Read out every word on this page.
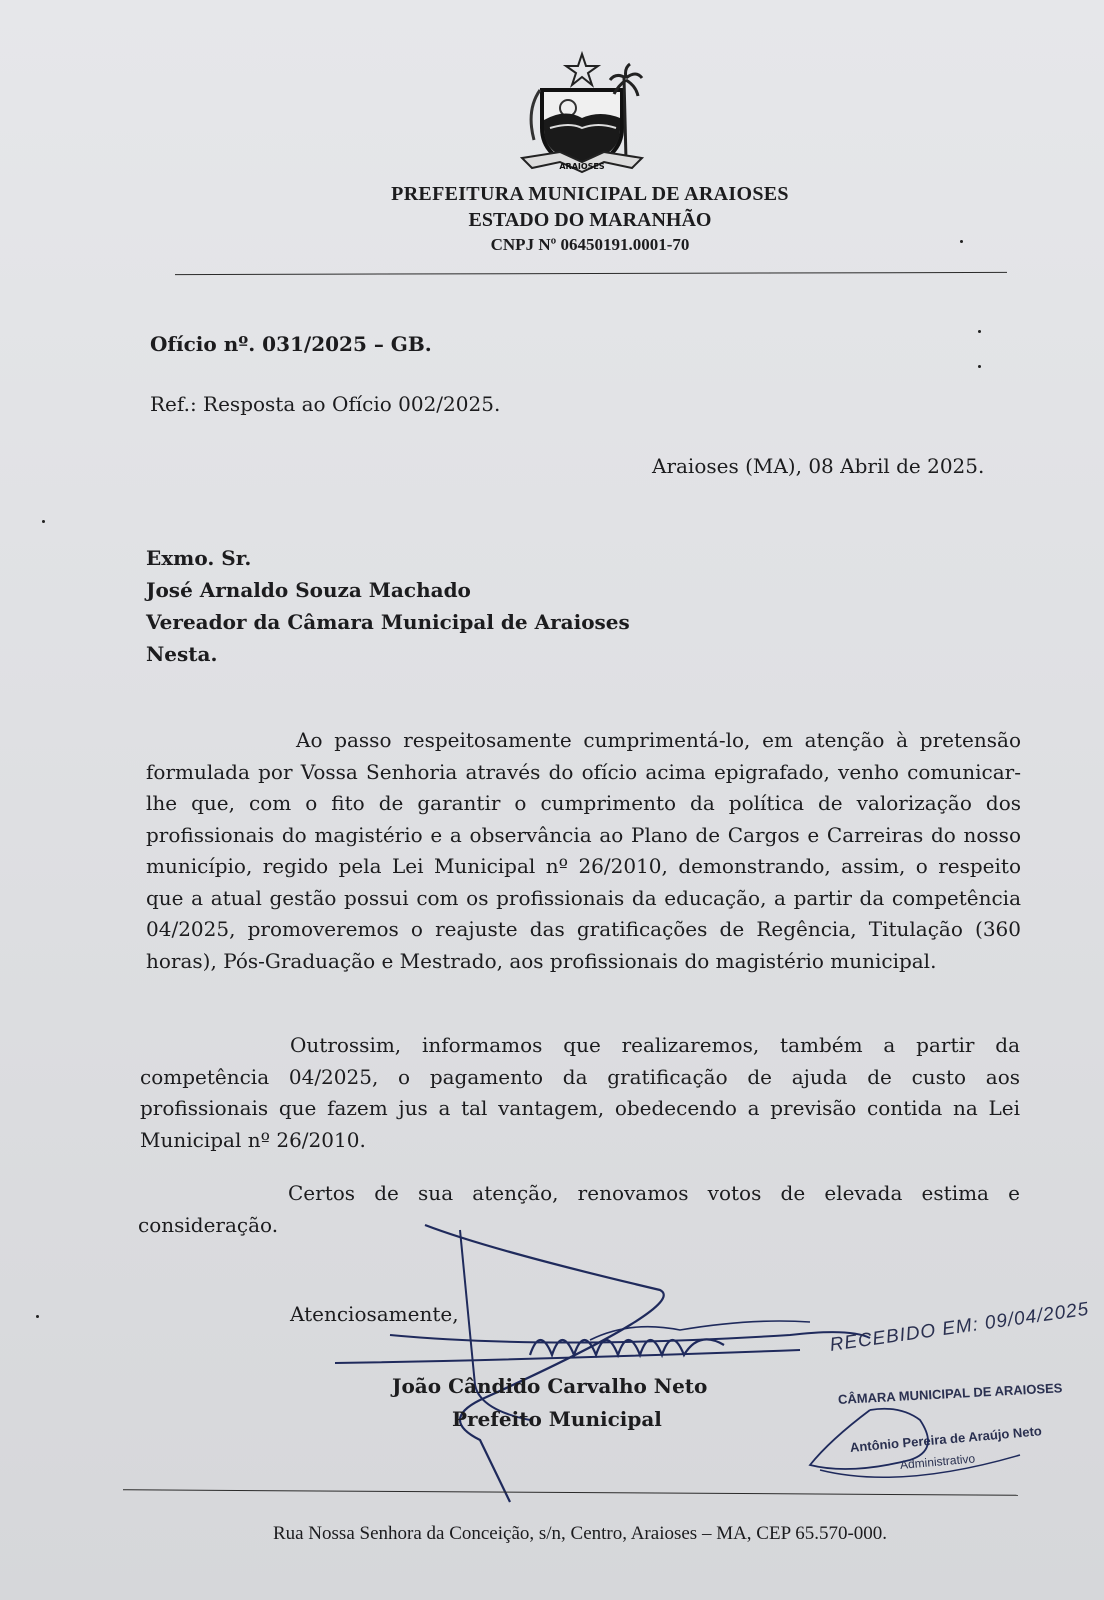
ARAIOSES
PREFEITURA MUNICIPAL DE ARAIOSES
ESTADO DO MARANHÃO
CNPJ Nº 06450191.0001-70
Ofício nº. 031/2025 – GB.
Ref.: Resposta ao Ofício 002/2025.
Araioses (MA), 08 Abril de 2025.
Exmo. Sr.
José Arnaldo Souza Machado
Vereador da Câmara Municipal de Araioses
Nesta.
Ao passo respeitosamente cumprimentá-lo, em atenção à pretensão formulada por Vossa Senhoria através do ofício acima epigrafado, venho comunicar-lhe que, com o fito de garantir o cumprimento da política de valorização dos profissionais do magistério e a observância ao Plano de Cargos e Carreiras do nosso município, regido pela Lei Municipal nº 26/2010, demonstrando, assim, o respeito que a atual gestão possui com os profissionais da educação, a partir da competência 04/2025, promoveremos o reajuste das gratificações de Regência, Titulação (360 horas), Pós-Graduação e Mestrado, aos profissionais do magistério municipal.
Outrossim, informamos que realizaremos, também a partir da competência 04/2025, o pagamento da gratificação de ajuda de custo aos profissionais que fazem jus a tal vantagem, obedecendo a previsão contida na Lei Municipal nº 26/2010.
Certos de sua atenção, renovamos votos de elevada estima e consideração.
Atenciosamente,
João Cândido Carvalho Neto
Prefeito Municipal
RECEBIDO EM: 09/04/2025
CÂMARA MUNICIPAL DE ARAIOSES
Antônio Pereira de Araújo Neto
Administrativo
Rua Nossa Senhora da Conceição, s/n, Centro, Araioses – MA, CEP 65.570-000.
